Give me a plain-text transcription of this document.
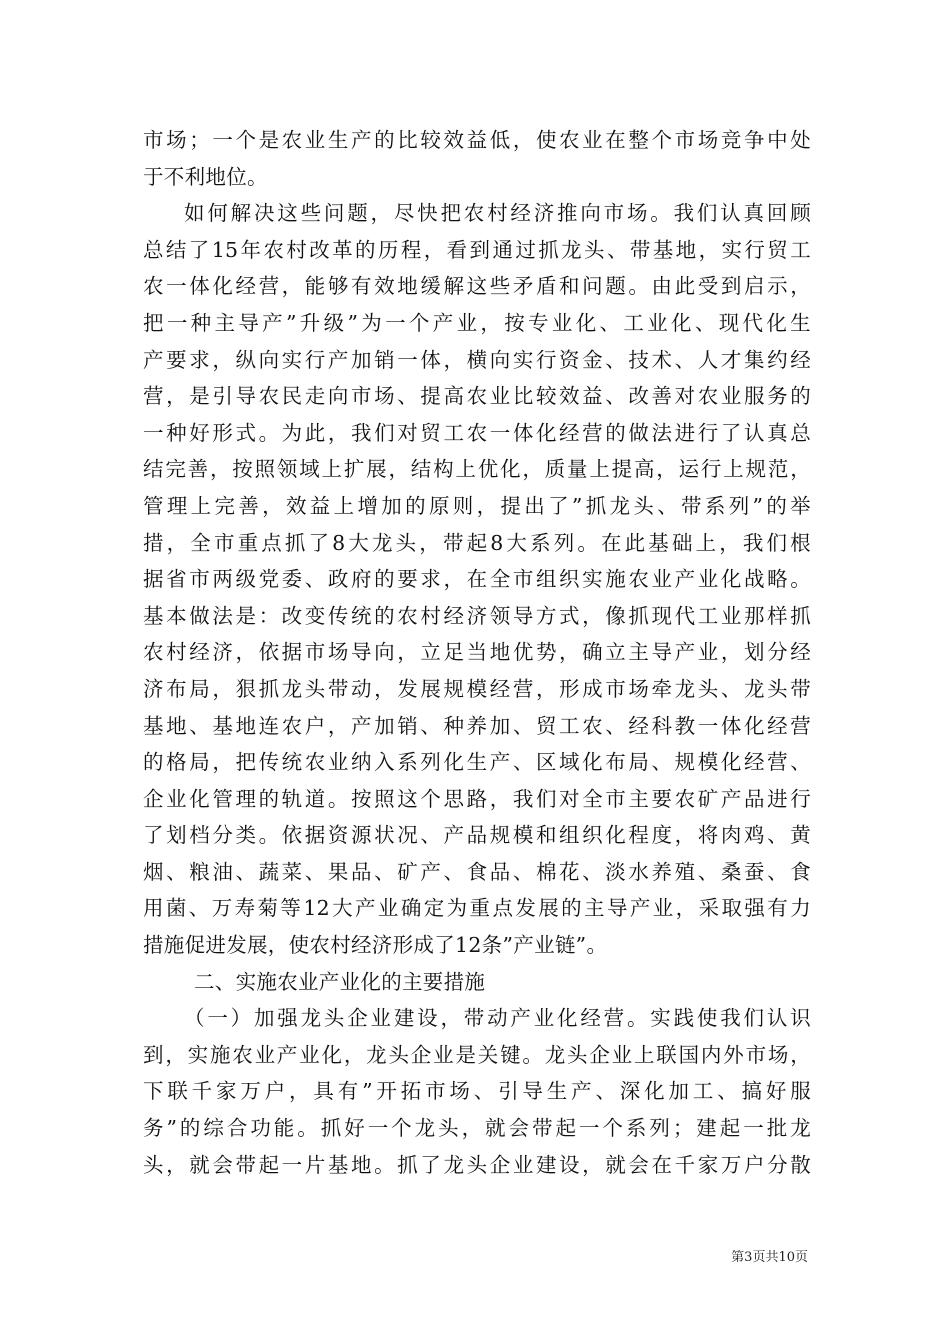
市场；一个是农业生产的比较效益低，使农业在整个市场竞争中处
于不利地位。
如何解决这些问题，尽快把农村经济推向市场。我们认真回顾
总结了15年农村改革的历程，看到通过抓龙头、带基地，实行贸工
农一体化经营，能够有效地缓解这些矛盾和问题。由此受到启示，
把一种主导产”升级”为一个产业，按专业化、工业化、现代化生
产要求，纵向实行产加销一体，横向实行资金、技术、人才集约经
营，是引导农民走向市场、提高农业比较效益、改善对农业服务的
一种好形式。为此，我们对贸工农一体化经营的做法进行了认真总
结完善，按照领域上扩展，结构上优化，质量上提高，运行上规范，
管理上完善，效益上增加的原则，提出了”抓龙头、带系列”的举
措，全市重点抓了8大龙头，带起8大系列。在此基础上，我们根
据省市两级党委、政府的要求，在全市组织实施农业产业化战略。
基本做法是：改变传统的农村经济领导方式，像抓现代工业那样抓
农村经济，依据市场导向，立足当地优势，确立主导产业，划分经
济布局，狠抓龙头带动，发展规模经营，形成市场牵龙头、龙头带
基地、基地连农户，产加销、种养加、贸工农、经科教一体化经营
的格局，把传统农业纳入系列化生产、区域化布局、规模化经营、
企业化管理的轨道。按照这个思路，我们对全市主要农矿产品进行
了划档分类。依据资源状况、产品规模和组织化程度，将肉鸡、黄
烟、粮油、蔬菜、果品、矿产、食品、棉花、淡水养殖、桑蚕、食
用菌、万寿菊等12大产业确定为重点发展的主导产业，采取强有力
措施促进发展，使农村经济形成了12条”产业链”。
二、实施农业产业化的主要措施
（一）加强龙头企业建设，带动产业化经营。实践使我们认识
到，实施农业产业化，龙头企业是关键。龙头企业上联国内外市场，
下联千家万户，具有”开拓市场、引导生产、深化加工、搞好服
务”的综合功能。抓好一个龙头，就会带起一个系列；建起一批龙
头，就会带起一片基地。抓了龙头企业建设，就会在千家万户分散
第3页共10页
